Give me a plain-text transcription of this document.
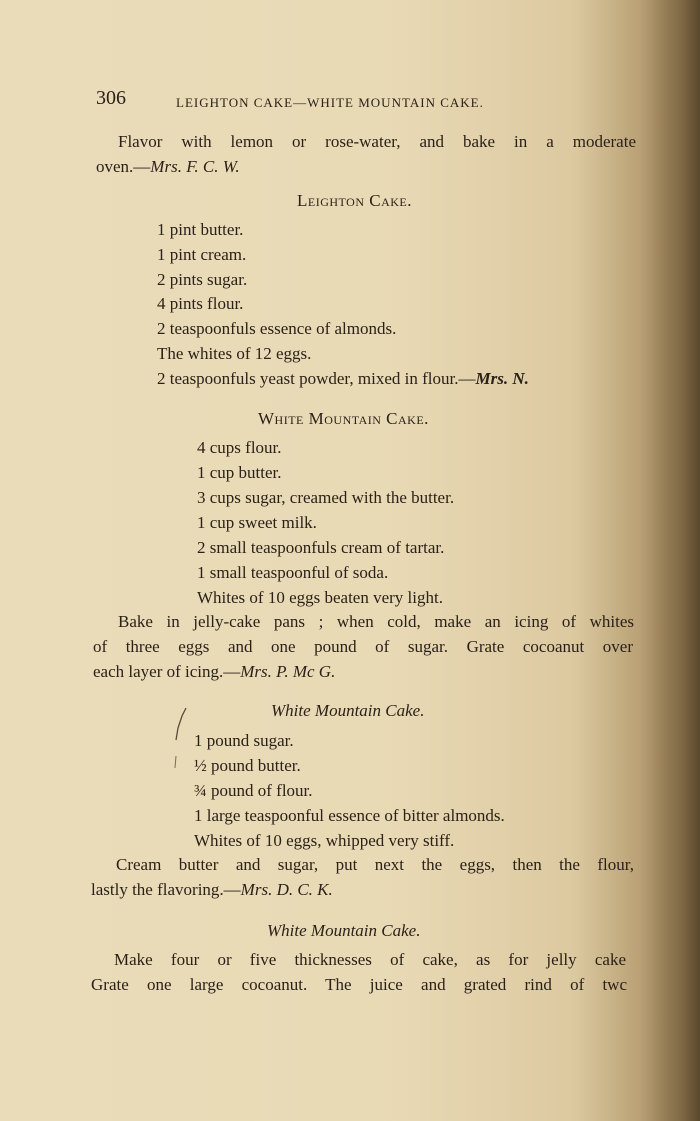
306	LEIGHTON CAKE—WHITE MOUNTAIN CAKE.
Flavor with lemon or rose-water, and bake in a moderate
oven.—Mrs. F. C. W.
Leighton Cake.
1 pint butter.
1 pint cream.
2 pints sugar.
4 pints flour.
2 teaspoonfuls essence of almonds.
The whites of 12 eggs.
2 teaspoonfuls yeast powder, mixed in flour.—Mrs. N.
White Mountain Cake.
4 cups flour.
1 cup butter.
3 cups sugar, creamed with the butter.
1 cup sweet milk.
2 small teaspoonfuls cream of tartar.
1 small teaspoonful of soda.
Whites of 10 eggs beaten very light.
Bake in jelly-cake pans ; when cold, make an icing of whites
of three eggs and one pound of sugar. Grate cocoanut over
each layer of icing.—Mrs. P. Mc G.
White Mountain Cake.
1 pound sugar.
½ pound butter.
¾ pound of flour.
1 large teaspoonful essence of bitter almonds.
Whites of 10 eggs, whipped very stiff.
Cream butter and sugar, put next the eggs, then the flour,
lastly the flavoring.—Mrs. D. C. K.
White Mountain Cake.
Make four or five thicknesses of cake, as for jelly cake
Grate one large cocoanut. The juice and grated rind of twc
